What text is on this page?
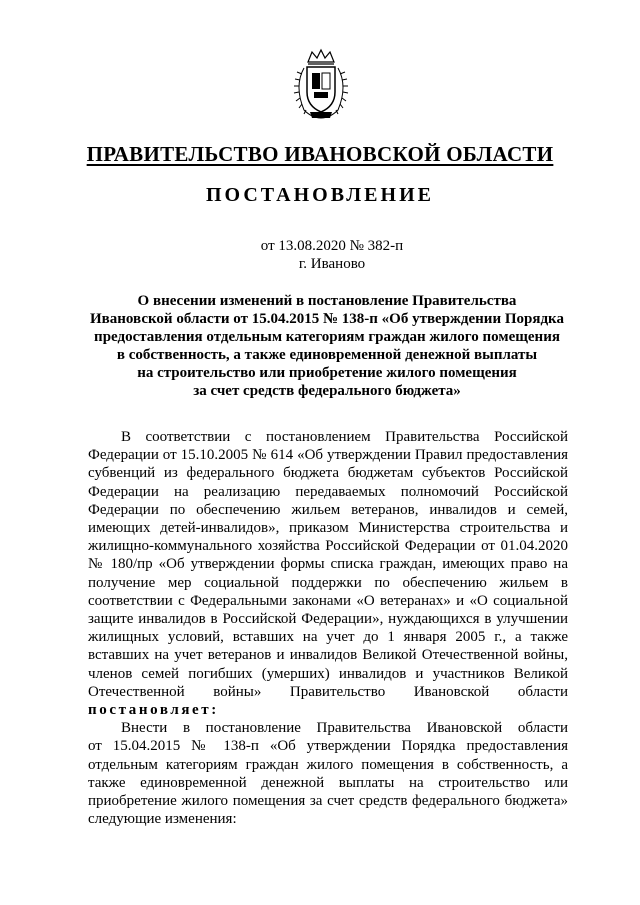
ПРАВИТЕЛЬСТВО ИВАНОВСКОЙ ОБЛАСТИ
ПОСТАНОВЛЕНИЕ
от 13.08.2020 № 382-п
г. Иваново
О внесении изменений в постановление Правительства
Ивановской области от 15.04.2015 № 138-п «Об утверждении Порядка
предоставления отдельным категориям граждан жилого помещения
в собственность, а также единовременной денежной выплаты
на строительство или приобретение жилого помещения
за счет средств федерального бюджета»
В соответствии с постановлением Правительства Российской
Федерации от 15.10.2005 № 614 «Об утверждении Правил предоставления
субвенций из федерального бюджета бюджетам субъектов Российской
Федерации на реализацию передаваемых полномочий Российской
Федерации по обеспечению жильем ветеранов, инвалидов и семей,
имеющих детей-инвалидов», приказом Министерства строительства и
жилищно-коммунального хозяйства Российской Федерации от 01.04.2020
№ 180/пр «Об утверждении формы списка граждан, имеющих право на
получение мер социальной поддержки по обеспечению жильем в
соответствии с Федеральными законами «О ветеранах» и «О социальной
защите инвалидов в Российской Федерации», нуждающихся в улучшении
жилищных условий, вставших на учет до 1 января 2005 г., а также
вставших на учет ветеранов и инвалидов Великой Отечественной войны,
членов семей погибших (умерших) инвалидов и участников Великой
Отечественной войны» Правительство Ивановской области
постановляет:
Внести в постановление Правительства Ивановской области
от 15.04.2015 № 138-п «Об утверждении Порядка предоставления
отдельным категориям граждан жилого помещения в собственность, а
также единовременной денежной выплаты на строительство или
приобретение жилого помещения за счет средств федерального бюджета»
следующие изменения:
